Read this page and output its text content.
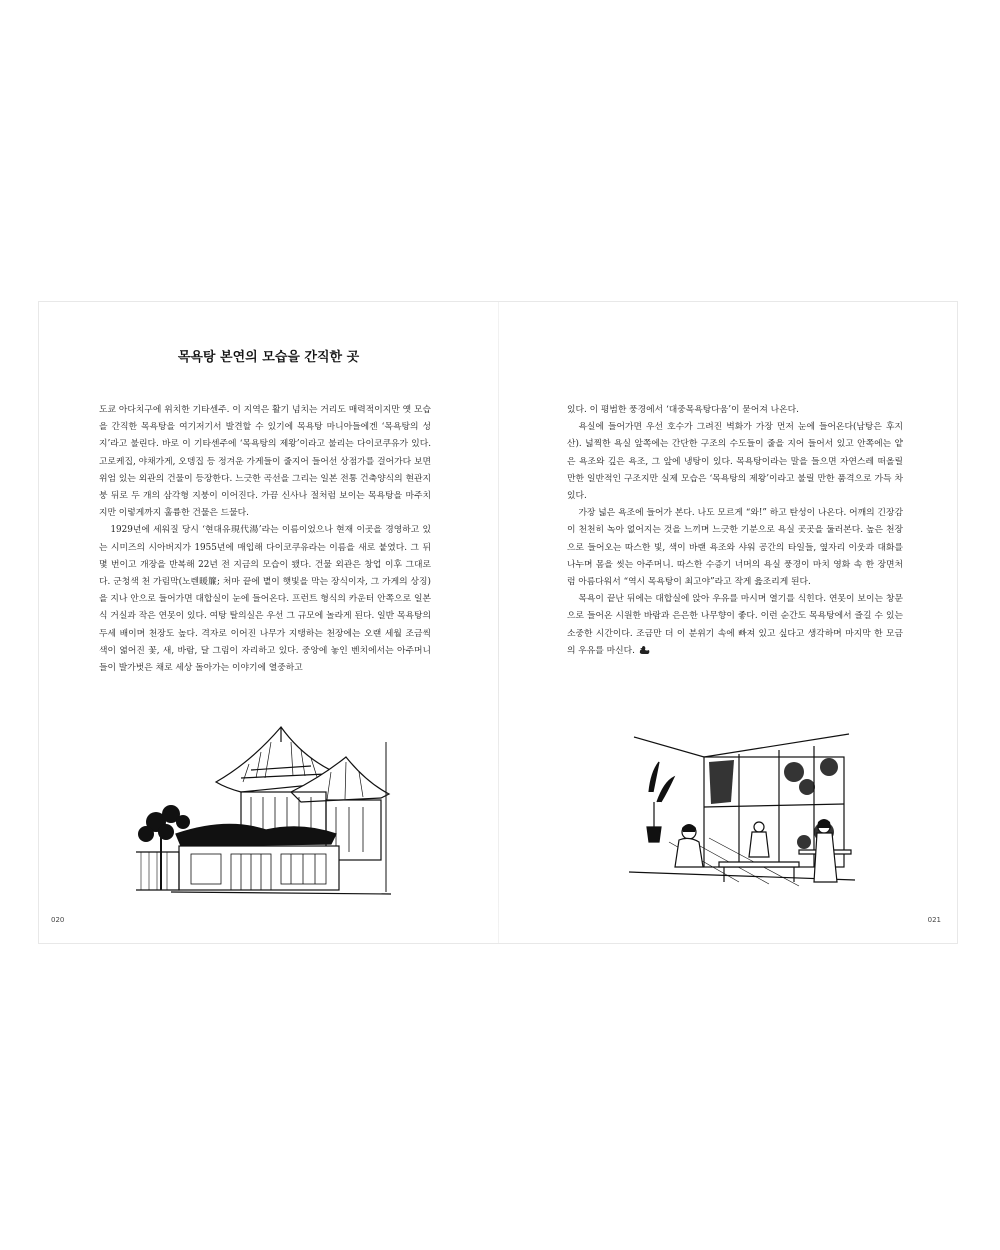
목욕탕 본연의 모습을 간직한 곳

도쿄 아다치구에 위치한 기타센주. 이 지역은 활기 넘치는 거리도 매력적이지만 옛 모습을 간직한 목욕탕을 여기저기서 발견할 수 있기에 목욕탕 마니아들에겐 ‘목욕탕의 성지’라고 불린다. 바로 이 기타센주에 ‘목욕탕의 제왕’이라고 불리는 다이코쿠유가 있다. 고로케집, 야채가게, 오뎅집 등 정겨운 가게들이 줄지어 들어선 상점가를 걸어가다 보면 위엄 있는 외관의 건물이 등장한다. 느긋한 곡선을 그리는 일본 전통 건축양식의 현관지붕 뒤로 두 개의 삼각형 지붕이 이어진다. 가끔 신사나 절처럼 보이는 목욕탕을 마주치지만 이렇게까지 훌륭한 건물은 드물다.

1929년에 세워질 당시 ‘현대유現代湯’라는 이름이었으나 현재 이곳을 경영하고 있는 시미즈의 시아버지가 1955년에 매입해 다이코쿠유라는 이름을 새로 붙였다. 그 뒤 몇 번이고 개장을 반복해 22년 전 지금의 모습이 됐다. 건물 외관은 창업 이후 그대로다. 군청색 천 가림막(노렌暖簾; 처마 끝에 볕이 햇빛을 막는 장식이자, 그 가게의 상징)을 지나 안으로 들어가면 대합실이 눈에 들어온다. 프런트 형식의 카운터 안쪽으로 일본식 거실과 작은 연못이 있다. 여탕 탈의실은 우선 그 규모에 놀라게 된다. 일반 목욕탕의 두세 배이며 천장도 높다. 격자로 이어진 나무가 지탱하는 천장에는 오랜 세월 조금씩 색이 엷어진 꽃, 새, 바람, 달 그림이 자리하고 있다. 중앙에 놓인 벤치에서는 아주머니들이 발가벗은 채로 세상 돌아가는 이야기에 열중하고

020

있다. 이 평범한 풍경에서 ‘대중목욕탕다움’이 묻어져 나온다.

욕실에 들어가면 우선 호수가 그려진 벽화가 가장 먼저 눈에 들어온다(남탕은 후지산). 넓찍한 욕실 앞쪽에는 간단한 구조의 수도들이 줄을 지어 들어서 있고 안쪽에는 얕은 욕조와 깊은 욕조, 그 앞에 냉탕이 있다. 목욕탕이라는 말을 들으면 자연스레 떠올릴 만한 일반적인 구조지만 실제 모습은 ‘목욕탕의 제왕’이라고 불릴 만한 품격으로 가득 차 있다.

가장 넓은 욕조에 들어가 본다. 나도 모르게 “와!” 하고 탄성이 나온다. 어깨의 긴장감이 천천히 녹아 없어지는 것을 느끼며 느긋한 기분으로 욕실 곳곳을 둘러본다. 높은 천장으로 들어오는 따스한 빛, 색이 바랜 욕조와 샤워 공간의 타일들, 옆자리 이웃과 대화를 나누며 몸을 씻는 아주머니. 따스한 수증기 너머의 욕실 풍경이 마치 영화 속 한 장면처럼 아름다워서 “역시 목욕탕이 최고야”라고 작게 읊조리게 된다.

목욕이 끝난 뒤에는 대합실에 앉아 우유를 마시며 열기를 식힌다. 연못이 보이는 창문으로 들어온 시원한 바람과 은은한 나무향이 좋다. 이런 순간도 목욕탕에서 즐길 수 있는 소중한 시간이다. 조금만 더 이 분위기 속에 빠져 있고 싶다고 생각하며 마지막 한 모금의 우유를 마신다.

021
